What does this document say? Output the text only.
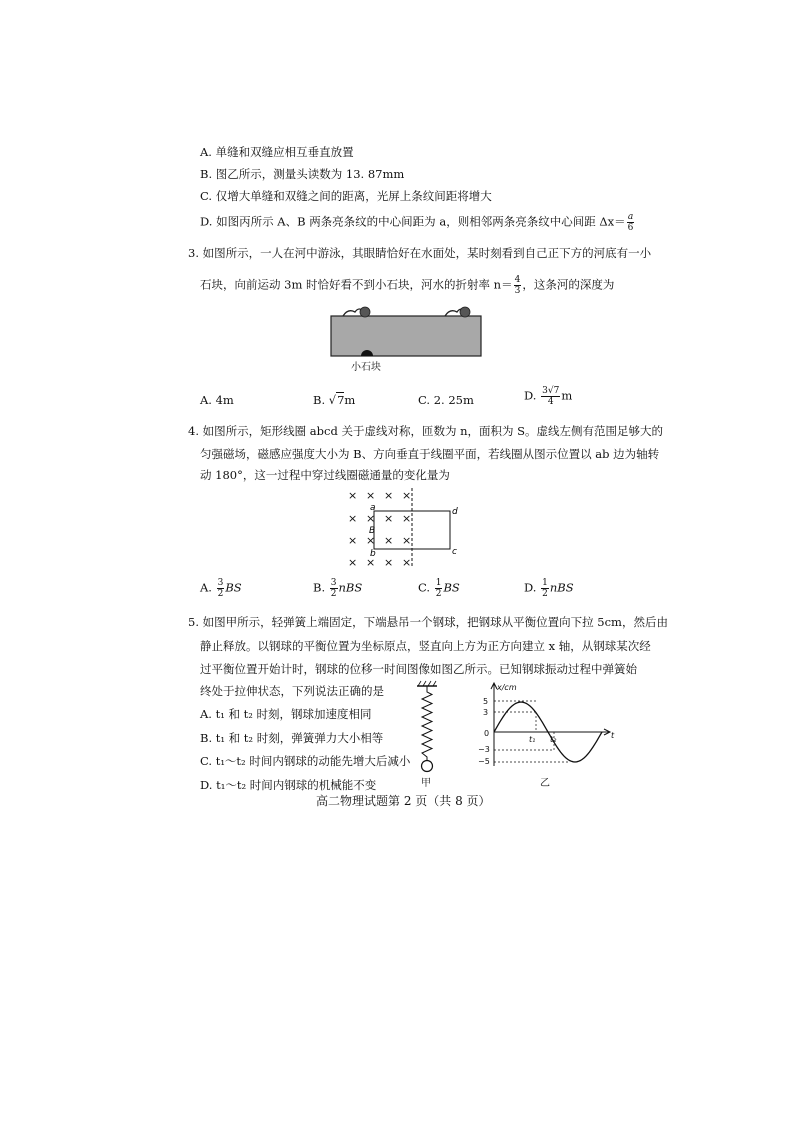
A. 单缝和双缝应相互垂直放置
B. 图乙所示，测量头读数为 13. 87mm
C. 仅增大单缝和双缝之间的距离，光屏上条纹间距将增大
D. 如图丙所示 A、B 两条亮条纹的中心间距为 a，则相邻两条亮条纹中心间距 $\Delta x= \frac{a}{6}$
3. 如图所示，一人在河中游泳，其眼睛恰好在水面处，某时刻看到自己正下方的河底有一小
石块，向前运动 3m 时恰好看不到小石块，河水的折射率 $n= \frac{4}{3}$ ，这条河的深度为
小石块
A. 4m	B. √7m	C. 2. 25m	D. $\frac{3√7}{4}$ m
4. 如图所示，矩形线圈 abcd 关于虚线对称，匝数为 n，面积为 S。虚线左侧有范围足够大的
匀强磁场，磁感应强度大小为 B、方向垂直于线圈平面，若线圈从图示位置以 ab 边为轴转
动 180°，这一过程中穿过线圈磁通量的变化量为
× × × ×
× × × ×
× × × ×
× × × ×
a
b	c
d
B
A. $\frac{3}{2}$ BS	B. $\frac{3}{2}$ nBS	C. $\frac{1}{2}$ BS	D. $\frac{1}{2}$ nBS
5. 如图甲所示，轻弹簧上端固定，下端悬吊一个钢球，把钢球从平衡位置向下拉 5cm，然后由
静止释放。以钢球的平衡位置为坐标原点，竖直向上方为正方向建立 x 轴，从钢球某次经
过平衡位置开始计时，钢球的位移一时间图像如图乙所示。已知钢球振动过程中弹簧始
终处于拉伸状态，下列说法正确的是
A. t₁ 和 t₂ 时刻，钢球加速度相同
B. t₁ 和 t₂ 时刻，弹簧弹力大小相等
C. t₁～t₂ 时间内钢球的动能先增大后减小
D. t₁～t₂ 时间内钢球的机械能不变	甲
x/cm
t
0
5
3
−3
−5
t₁ t₂
乙
高二物理试题第 2 页（共 8 页）
